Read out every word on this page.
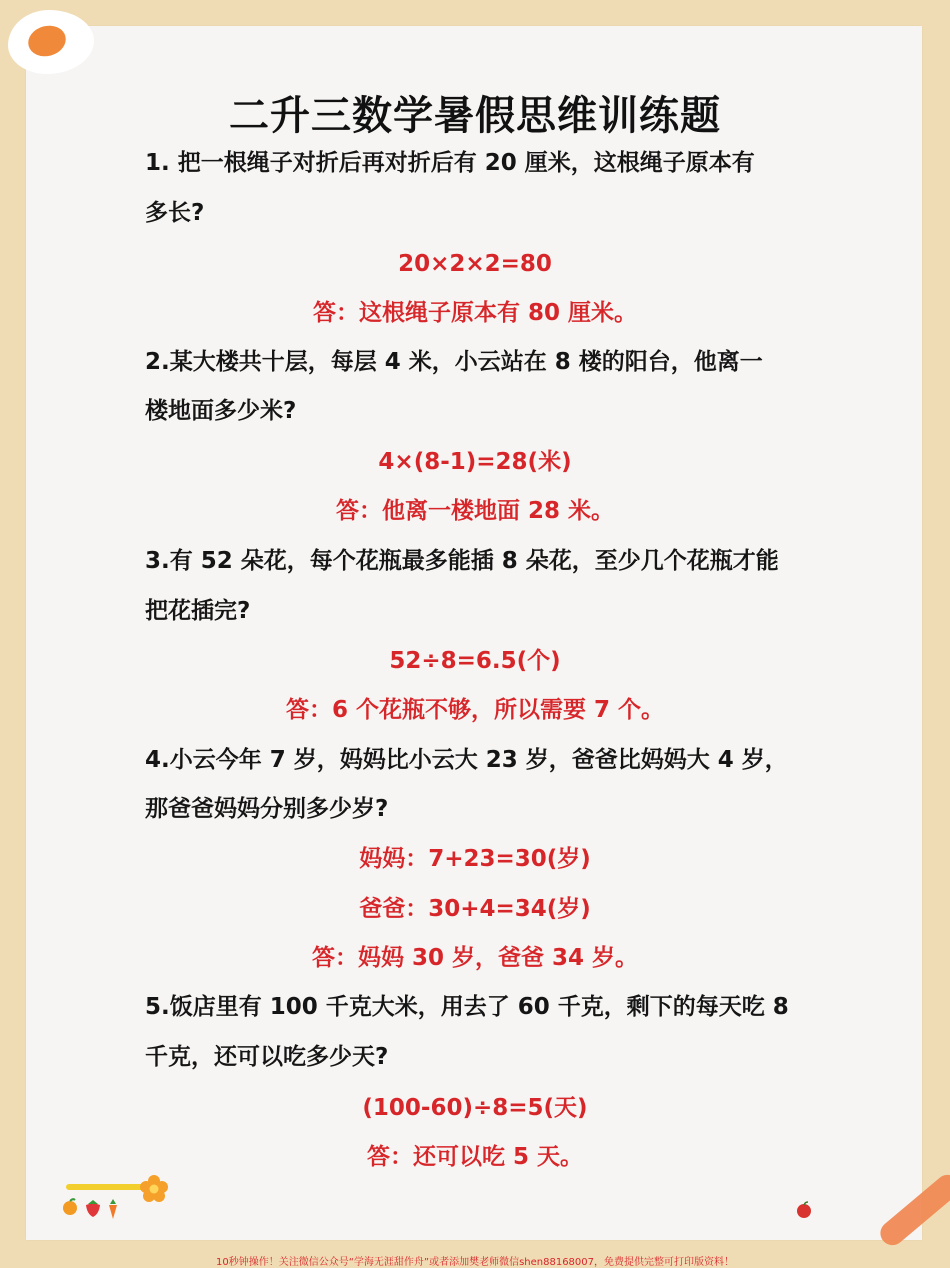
二升三数学暑假思维训练题
1. 把一根绳子对折后再对折后有 20 厘米，这根绳子原本有
多长?
20×2×2=80
答：这根绳子原本有 80 厘米。
2.某大楼共十层，每层 4 米，小云站在 8 楼的阳台，他离一
楼地面多少米?
4×(8-1)=28(米)
答：他离一楼地面 28 米。
3.有 52 朵花，每个花瓶最多能插 8 朵花，至少几个花瓶才能
把花插完?
52÷8=6.5(个)
答：6 个花瓶不够，所以需要 7 个。
4.小云今年 7 岁，妈妈比小云大 23 岁，爸爸比妈妈大 4 岁，
那爸爸妈妈分别多少岁?
妈妈：7+23=30(岁)
爸爸：30+4=34(岁)
答：妈妈 30 岁，爸爸 34 岁。
5.饭店里有 100 千克大米，用去了 60 千克，剩下的每天吃 8
千克，还可以吃多少天?
(100-60)÷8=5(天)
答：还可以吃 5 天。
10秒钟操作！关注微信公众号“学海无涯甜作舟”或者添加樊老师微信shen88168007，免费提供完整可打印版资料！
